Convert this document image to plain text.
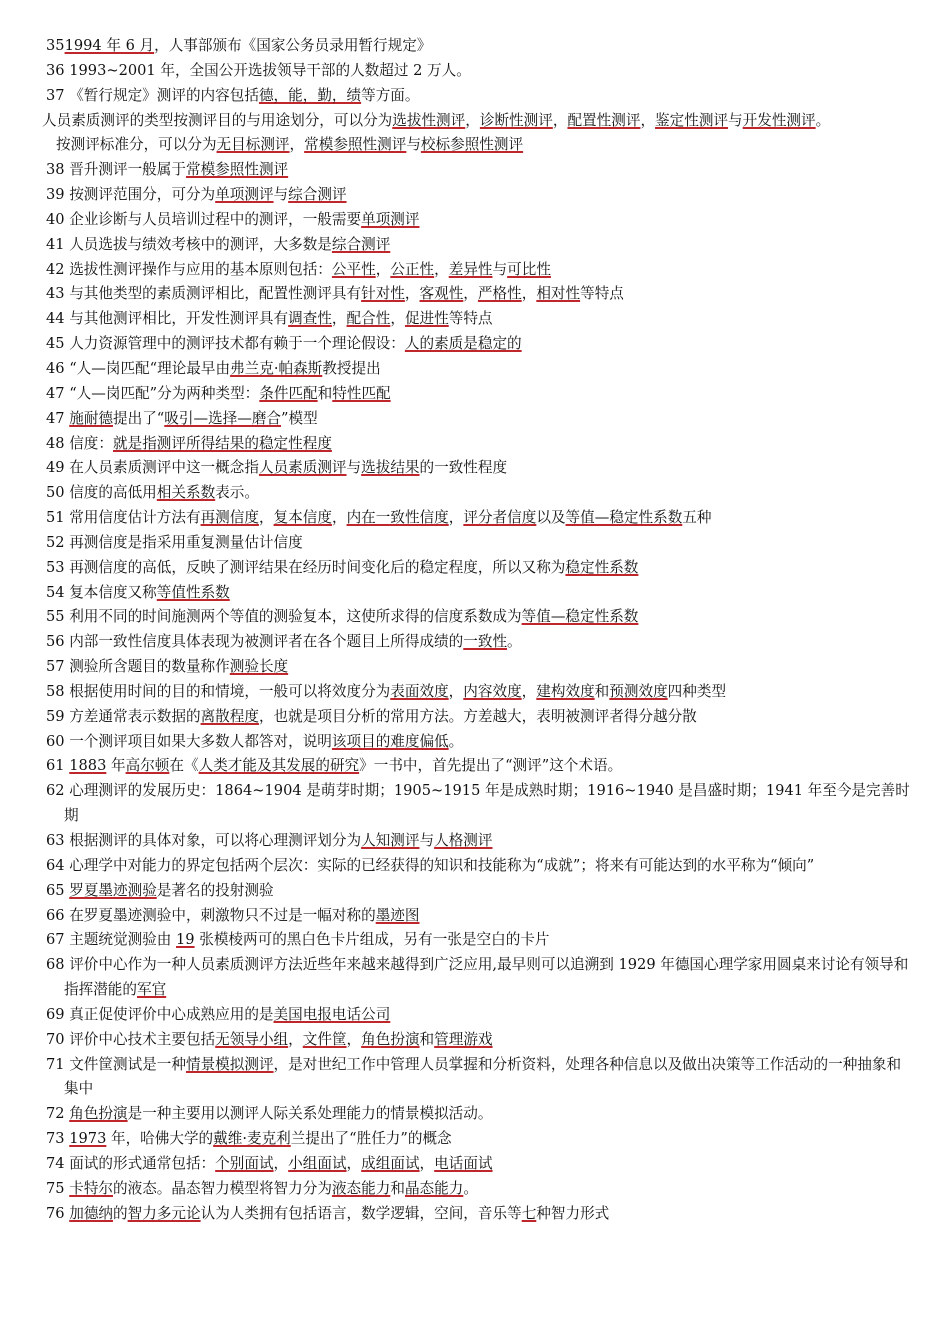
351994 年 6 月，人事部颁布《国家公务员录用暂行规定》
36 1993~2001 年，全国公开选拔领导干部的人数超过 2 万人。
37 《暂行规定》测评的内容包括德，能，勤，绩等方面。
人员素质测评的类型按测评目的与用途划分，可以分为选拔性测评，诊断性测评，配置性测评，鉴定性测评与开发性测评。
按测评标准分，可以分为无目标测评，常模参照性测评与校标参照性测评
38 晋升测评一般属于常模参照性测评
39 按测评范围分，可分为单项测评与综合测评
40 企业诊断与人员培训过程中的测评，一般需要单项测评
41 人员选拔与绩效考核中的测评，大多数是综合测评
42 选拔性测评操作与应用的基本原则包括：公平性，公正性，差异性与可比性
43 与其他类型的素质测评相比，配置性测评具有针对性，客观性，严格性，相对性等特点
44 与其他测评相比，开发性测评具有调查性，配合性，促进性等特点
45 人力资源管理中的测评技术都有赖于一个理论假设：人的素质是稳定的
46 “人—岗匹配“理论最早由弗兰克·帕森斯教授提出
47 “人—岗匹配”分为两种类型：条件匹配和特性匹配
47 施耐德提出了“吸引—选择—磨合”模型
48 信度：就是指测评所得结果的稳定性程度
49 在人员素质测评中这一概念指人员素质测评与选拔结果的一致性程度
50 信度的高低用相关系数表示。
51 常用信度估计方法有再测信度，复本信度，内在一致性信度，评分者信度以及等值—稳定性系数五种
52 再测信度是指采用重复测量估计信度
53 再测信度的高低，反映了测评结果在经历时间变化后的稳定程度，所以又称为稳定性系数
54 复本信度又称等值性系数
55 利用不同的时间施测两个等值的测验复本，这使所求得的信度系数成为等值—稳定性系数
56 内部一致性信度具体表现为被测评者在各个题目上所得成绩的一致性。
57 测验所含题目的数量称作测验长度
58 根据使用时间的目的和情境，一般可以将效度分为表面效度，内容效度，建构效度和预测效度四种类型
59 方差通常表示数据的离散程度，也就是项目分析的常用方法。方差越大，表明被测评者得分越分散
60 一个测评项目如果大多数人都答对，说明该项目的难度偏低。
61 1883 年高尔顿在《人类才能及其发展的研究》一书中，首先提出了“测评”这个术语。
62 心理测评的发展历史：1864~1904 是萌芽时期；1905~1915 年是成熟时期；1916~1940 是昌盛时期；1941 年至今是完善时期
63 根据测评的具体对象，可以将心理测评划分为人知测评与人格测评
64 心理学中对能力的界定包括两个层次：实际的已经获得的知识和技能称为“成就”；将来有可能达到的水平称为“倾向”
65 罗夏墨迹测验是著名的投射测验
66 在罗夏墨迹测验中，刺激物只不过是一幅对称的墨迹图
67 主题统觉测验由 19 张模棱两可的黑白色卡片组成，另有一张是空白的卡片
68 评价中心作为一种人员素质测评方法近些年来越来越得到广泛应用,最早则可以追溯到 1929 年德国心理学家用圆桌来讨论有领导和指挥潜能的军官
69 真正促使评价中心成熟应用的是美国电报电话公司
70 评价中心技术主要包括无领导小组，文件筐，角色扮演和管理游戏
71 文件筐测试是一种情景模拟测评，是对世纪工作中管理人员掌握和分析资料，处理各种信息以及做出决策等工作活动的一种抽象和集中
72 角色扮演是一种主要用以测评人际关系处理能力的情景模拟活动。
73 1973 年，哈佛大学的戴维·麦克利兰提出了“胜任力”的概念
74 面试的形式通常包括：个别面试，小组面试，成组面试，电话面试
75 卡特尔的液态。晶态智力模型将智力分为液态能力和晶态能力。
76 加德纳的智力多元论认为人类拥有包括语言，数学逻辑，空间，音乐等七种智力形式
